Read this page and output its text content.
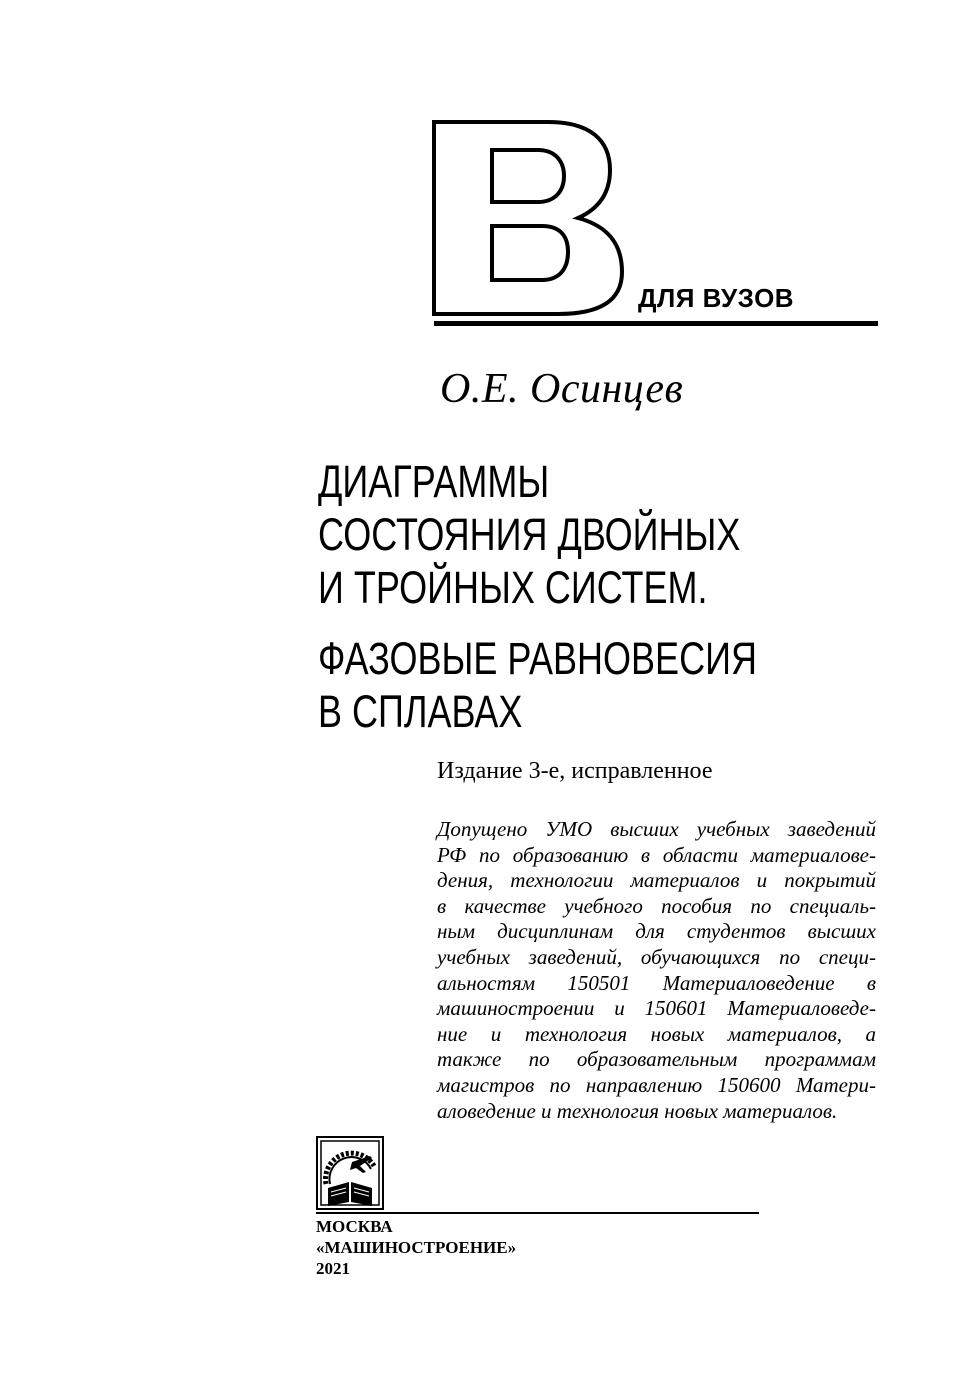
ДЛЯ ВУЗОВ
О.Е. Осинцев
ДИАГРАММЫ
СОСТОЯНИЯ ДВОЙНЫХ
И ТРОЙНЫХ СИСТЕМ.
ФАЗОВЫЕ РАВНОВЕСИЯ
В СПЛАВАХ
Издание 3-е, исправленное
Допущено УМО высших учебных заведений
РФ по образованию в области материалове-
дения, технологии материалов и покрытий
в качестве учебного пособия по специаль-
ным дисциплинам для студентов высших
учебных заведений, обучающихся по специ-
альностям 150501 Материаловедение в
машиностроении и 150601 Материаловеде-
ние и технология новых материалов, а
также по образовательным программам
магистров по направлению 150600 Матери-
аловедение и технология новых материалов.
МОСКВА
«МАШИНОСТРОЕНИЕ»
2021
